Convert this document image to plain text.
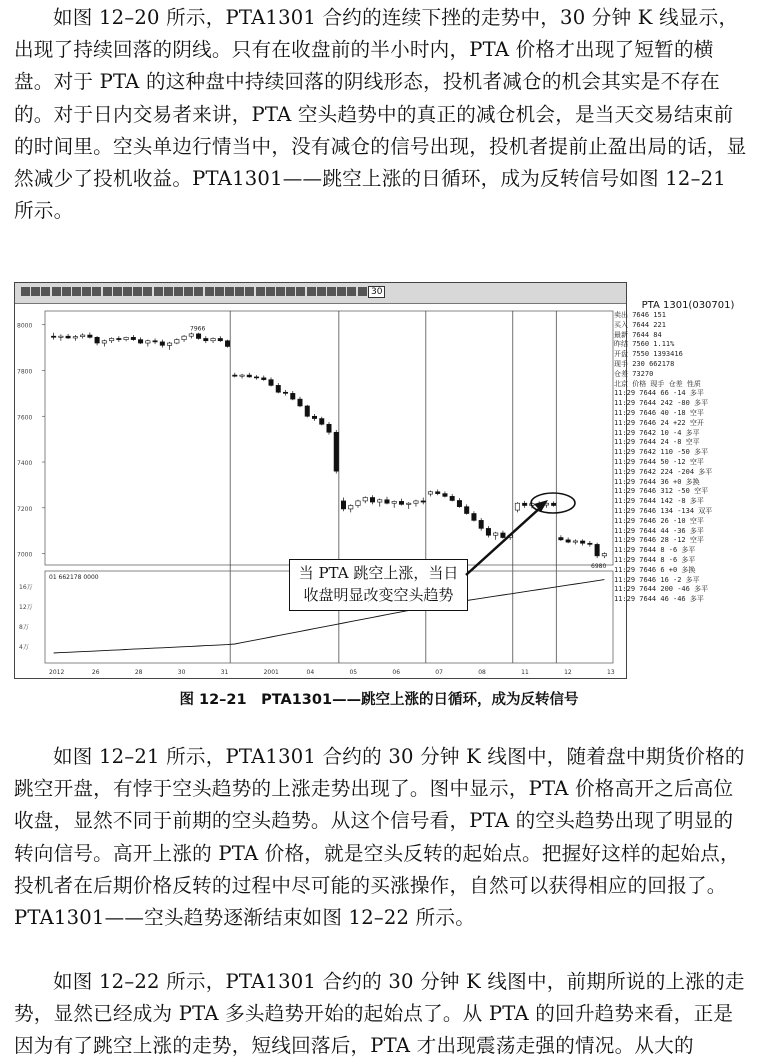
如图 12–20 所示，PTA1301 合约的连续下挫的走势中，30 分钟 K 线显示，出现了持续回落的阴线。只有在收盘前的半小时内，PTA 价格才出现了短暂的横盘。对于 PTA 的这种盘中持续回落的阴线形态，投机者减仓的机会其实是不存在的。对于日内交易者来讲，PTA 空头趋势中的真正的减仓机会，是当天交易结束前的时间里。空头单边行情当中，没有减仓的信号出现，投机者提前止盈出局的话，显然减少了投机收益。PTA1301——跳空上涨的日循环，成为反转信号如图 12–21 所示。

30
8000
7800
7600
7400
7200
7000
7966
6980
01 662178 0000
16万
12万
8万
4万
2012	26	28	30	31	2001	04	05	06	07	08	11	12	13
PTA 1301(030701)
卖出 7646 151
买入 7644 221
最新 7644 84
昨结 7560 1.11%
开盘 7550 1393416
现手 230 662178
仓差 73270
北京 价格 现手 仓差 性质
11:29 7644 66 -14 多平
11:29 7644 242 -80 多平
11:29 7646 40 -18 空平
11:29 7646 24 +22 空开
11:29 7642 10 -4 多平
11:29 7644 24 -8 空平
11:29 7642 110 -50 多平
11:29 7644 50 -12 空平
11:29 7642 224 -204 多平
11:29 7644 36 +0 多换
11:29 7646 312 -50 空平
11:29 7644 142 -8 多平
11:29 7646 134 -134 双平
11:29 7646 26 -10 空平
11:29 7644 44 -36 多平
11:29 7646 28 -12 空平
11:29 7644 8 -6 多平
11:29 7644 8 -6 多平
11:29 7646 6 +0 多换
11:29 7646 16 -2 多平
11:29 7644 200 -46 多平
11:29 7644 46 -46 多平
当 PTA 跳空上涨，当日
收盘明显改变空头趋势
图 12–21　PTA1301——跳空上涨的日循环，成为反转信号

如图 12–21 所示，PTA1301 合约的 30 分钟 K 线图中，随着盘中期货价格的跳空开盘，有悖于空头趋势的上涨走势出现了。图中显示，PTA 价格高开之后高位收盘，显然不同于前期的空头趋势。从这个信号看，PTA 的空头趋势出现了明显的转向信号。高开上涨的 PTA 价格，就是空头反转的起始点。把握好这样的起始点，投机者在后期价格反转的过程中尽可能的买涨操作，自然可以获得相应的回报了。PTA1301——空头趋势逐渐结束如图 12–22 所示。

如图 12–22 所示，PTA1301 合约的 30 分钟 K 线图中，前期所说的上涨的走势，显然已经成为 PTA 多头趋势开始的起始点了。从 PTA 的回升趋势来看，正是因为有了跳空上涨的走势，短线回落后，PTA 才出现震荡走强的情况。从大的
